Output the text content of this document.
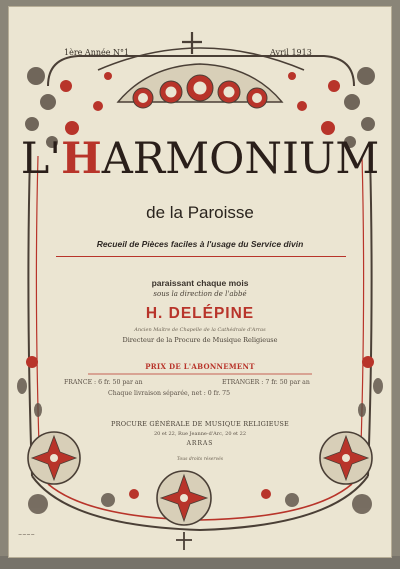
1ère Année N°1	Avril 1913
L'HARMONIUM
de la Paroisse
Recueil de Pièces faciles à l'usage du Service divin
paraissant chaque mois
sous la direction de l'abbé
H. DELÉPINE
Ancien Maître de Chapelle de la Cathédrale d'Arras
Directeur de la Procure de Musique Religieuse
PRIX DE L'ABONNEMENT
FRANCE : 6 fr. 50 par an	ETRANGER : 7 fr. 50 par an
Chaque livraison séparée, net : 0 fr. 75
PROCURE GÉNÉRALE DE MUSIQUE RELIGIEUSE
20 et 22, Rue Jeanne-d'Arc, 20 et 22
ARRAS
Tous droits réservés
~~~~
